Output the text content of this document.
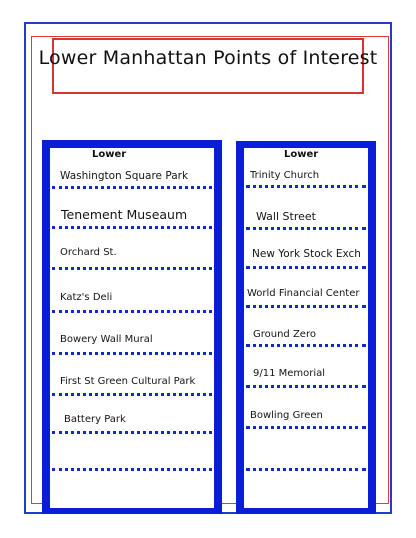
Lower Manhattan Points of Interest
Lower
Washington Square Park
Tenement Museaum
Orchard St.
Katz's Deli
Bowery Wall Mural
First St Green Cultural Park
Battery Park
Lower
Trinity Church
Wall Street
New York Stock Exch
World Financial Center
Ground Zero
9/11 Memorial
Bowling Green
